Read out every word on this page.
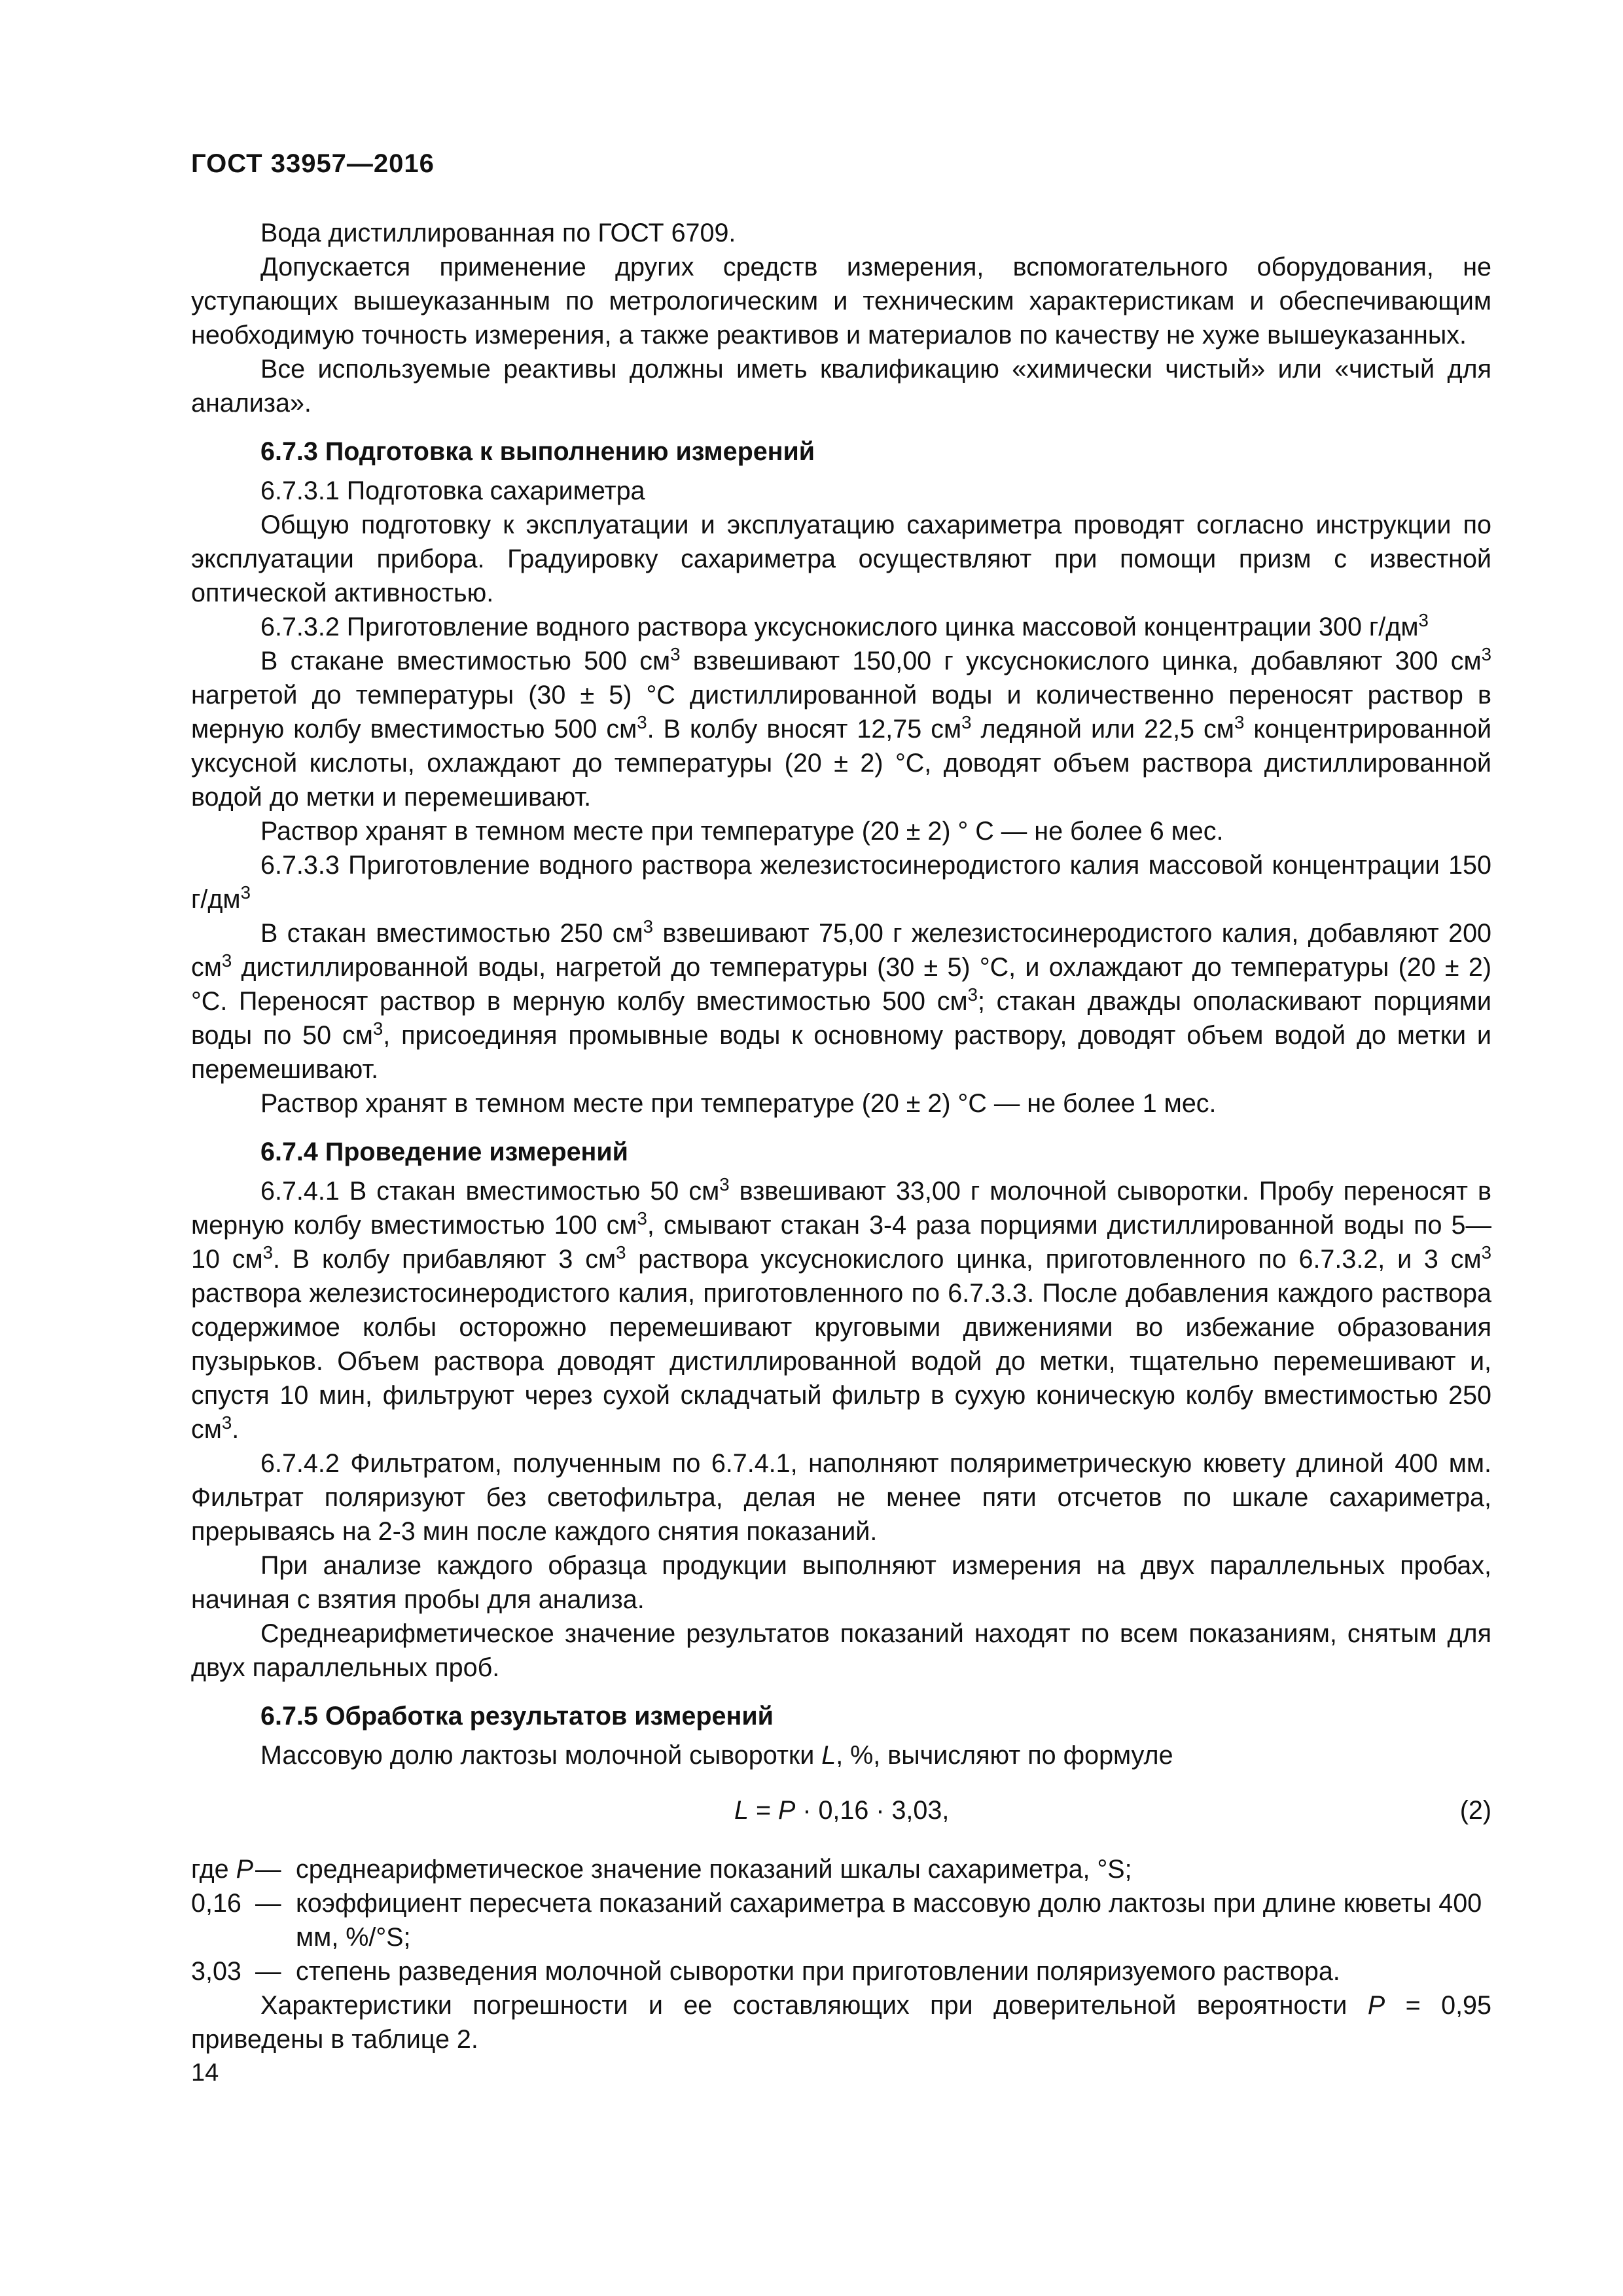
ГОСТ 33957—2016

Вода дистиллированная по ГОСТ 6709.

Допускается применение других средств измерения, вспомогательного оборудования, не уступающих вышеуказанным по метрологическим и техническим характеристикам и обеспечивающим необходимую точность измерения, а также реактивов и материалов по качеству не хуже вышеуказанных.

Все используемые реактивы должны иметь квалификацию «химически чистый» или «чистый для анализа».

6.7.3 Подготовка к выполнению измерений

6.7.3.1 Подготовка сахариметра

Общую подготовку к эксплуатации и эксплуатацию сахариметра проводят согласно инструкции по эксплуатации прибора. Градуировку сахариметра осуществляют при помощи призм с известной оптической активностью.

6.7.3.2 Приготовление водного раствора уксуснокислого цинка массовой концентрации 300 $г/дм^3$

В стакане вместимостью 500 $см^3$ взвешивают 150,00 г уксуснокислого цинка, добавляют 300 $см^3$ нагретой до температуры (30 ± 5) °С дистиллированной воды и количественно переносят раствор в мерную колбу вместимостью 500 $см^3$. В колбу вносят 12,75 $см^3$ ледяной или 22,5 $см^3$ концентрированной уксусной кислоты, охлаждают до температуры (20 ± 2) °С, доводят объем раствора дистиллированной водой до метки и перемешивают.

Раствор хранят в темном месте при температуре (20 ± 2) ° С — не более 6 мес.

6.7.3.3 Приготовление водного раствора железистосинеродистого калия массовой концентрации 150 $г/дм^3$

В стакан вместимостью 250 $см^3$ взвешивают 75,00 г железистосинеродистого калия, добавляют 200 $см^3$ дистиллированной воды, нагретой до температуры (30 ± 5) °С, и охлаждают до температуры (20 ± 2) °С. Переносят раствор в мерную колбу вместимостью 500 $см^3$; стакан дважды ополаскивают порциями воды по 50 $см^3$, присоединяя промывные воды к основному раствору, доводят объем водой до метки и перемешивают.

Раствор хранят в темном месте при температуре (20 ± 2) °С — не более 1 мес.

6.7.4 Проведение измерений

6.7.4.1 В стакан вместимостью 50 $см^3$ взвешивают 33,00 г молочной сыворотки. Пробу переносят в мерную колбу вместимостью 100 $см^3$, смывают стакан 3-4 раза порциями дистиллированной воды по 5—10 $см^3$. В колбу прибавляют 3 $см^3$ раствора уксуснокислого цинка, приготовленного по 6.7.3.2, и 3 $см^3$ раствора железистосинеродистого калия, приготовленного по 6.7.3.3. После добавления каждого раствора содержимое колбы осторожно перемешивают круговыми движениями во избежание образования пузырьков. Объем раствора доводят дистиллированной водой до метки, тщательно перемешивают и, спустя 10 мин, фильтруют через сухой складчатый фильтр в сухую коническую колбу вместимостью 250 $см^3$.

6.7.4.2 Фильтратом, полученным по 6.7.4.1, наполняют поляриметрическую кювету длиной 400 мм. Фильтрат поляризуют без светофильтра, делая не менее пяти отсчетов по шкале сахариметра, прерываясь на 2-3 мин после каждого снятия показаний.

При анализе каждого образца продукции выполняют измерения на двух параллельных пробах, начиная с взятия пробы для анализа.

Среднеарифметическое значение результатов показаний находят по всем показаниям, снятым для двух параллельных проб.

6.7.5 Обработка результатов измерений

Массовую долю лактозы молочной сыворотки L, %, вычисляют по формуле

L = P · 0,16 · 3,03,	(2)
где P — среднеарифметическое значение показаний шкалы сахариметра, °S;
0,16 — коэффициент пересчета показаний сахариметра в массовую долю лактозы при длине кюветы 400 мм, %/°S;
3,03 — степень разведения молочной сыворотки при приготовлении поляризуемого раствора.

Характеристики погрешности и ее составляющих при доверительной вероятности P = 0,95 приведены в таблице 2.

14
